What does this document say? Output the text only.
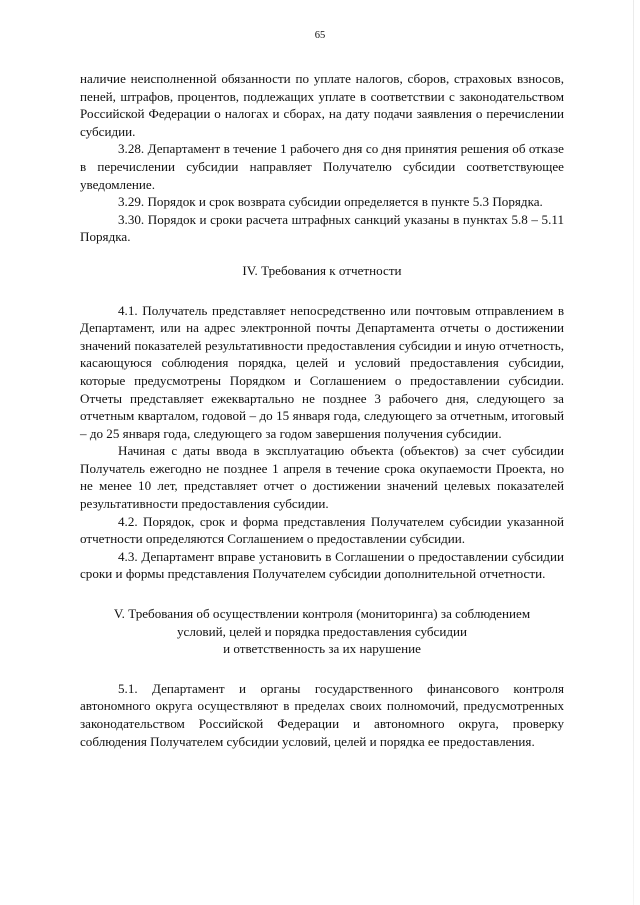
65

наличие неисполненной обязанности по уплате налогов, сборов, страховых взносов, пеней, штрафов, процентов, подлежащих уплате в соответствии с законодательством Российской Федерации о налогах и сборах, на дату подачи заявления о перечислении субсидии.

3.28. Департамент в течение 1 рабочего дня со дня принятия решения об отказе в перечислении субсидии направляет Получателю субсидии соответствующее уведомление.

3.29. Порядок и срок возврата субсидии определяется в пункте 5.3 Порядка.

3.30. Порядок и сроки расчета штрафных санкций указаны в пунктах 5.8 – 5.11 Порядка.

IV. Требования к отчетности

4.1. Получатель представляет непосредственно или почтовым отправлением в Департамент, или на адрес электронной почты Департамента отчеты о достижении значений показателей результативности предоставления субсидии и иную отчетность, касающуюся соблюдения порядка, целей и условий предоставления субсидии, которые предусмотрены Порядком и Соглашением о предоставлении субсидии. Отчеты представляет ежеквартально не позднее 3 рабочего дня, следующего за отчетным кварталом, годовой – до 15 января года, следующего за отчетным, итоговый – до 25 января года, следующего за годом завершения получения субсидии.

Начиная с даты ввода в эксплуатацию объекта (объектов) за счет субсидии Получатель ежегодно не позднее 1 апреля в течение срока окупаемости Проекта, но не менее 10 лет, представляет отчет о достижении значений целевых показателей результативности предоставления субсидии.

4.2. Порядок, срок и форма представления Получателем субсидии указанной отчетности определяются Соглашением о предоставлении субсидии.

4.3. Департамент вправе установить в Соглашении о предоставлении субсидии сроки и формы представления Получателем субсидии дополнительной отчетности.

V. Требования об осуществлении контроля (мониторинга) за соблюдением

условий, целей и порядка предоставления субсидии

и ответственность за их нарушение

5.1. Департамент и органы государственного финансового контроля автономного округа осуществляют в пределах своих полномочий, предусмотренных законодательством Российской Федерации и автономного округа, проверку соблюдения Получателем субсидии условий, целей и порядка ее предоставления.
